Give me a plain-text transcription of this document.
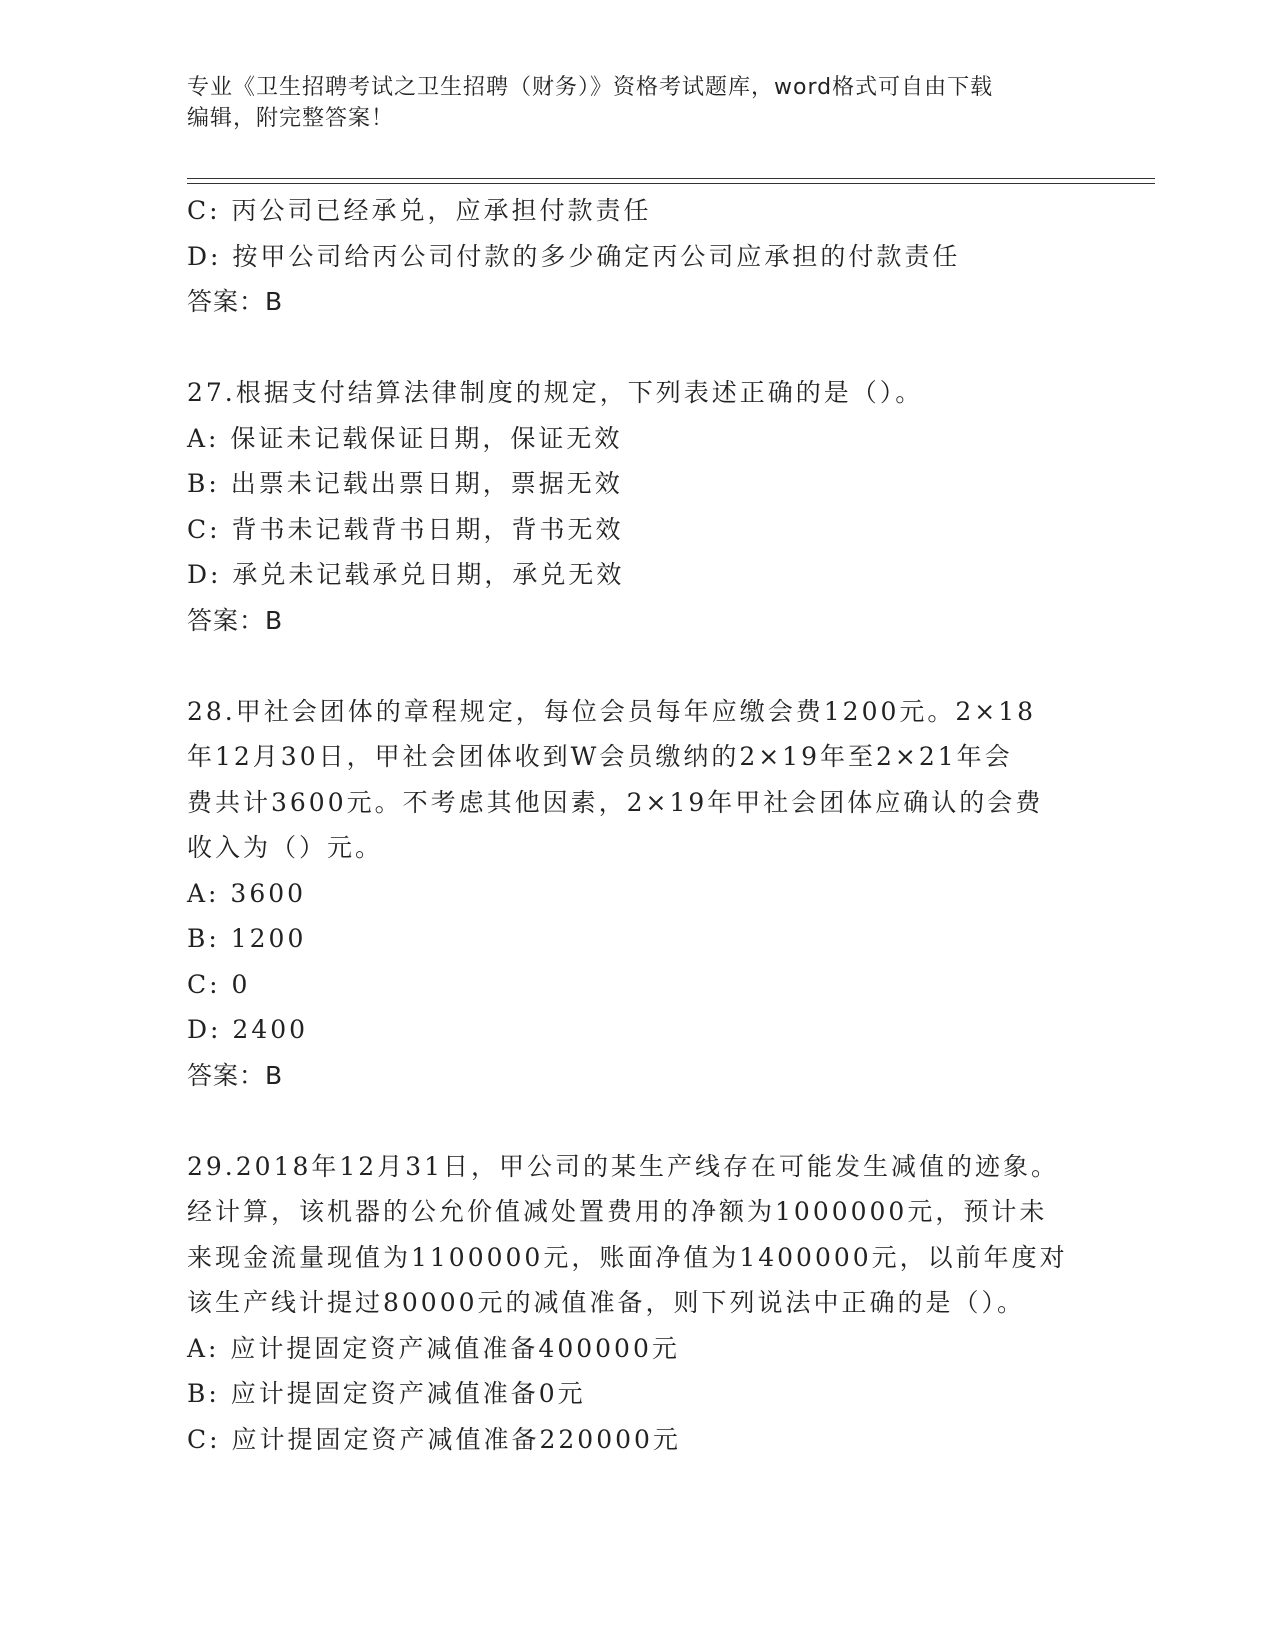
专业《卫生招聘考试之卫生招聘（财务）》资格考试题库，word格式可自由下载
编辑，附完整答案！
C: 丙公司已经承兑，应承担付款责任
D: 按甲公司给丙公司付款的多少确定丙公司应承担的付款责任
答案：B
27.根据支付结算法律制度的规定，下列表述正确的是（）。
A: 保证未记载保证日期，保证无效
B: 出票未记载出票日期，票据无效
C: 背书未记载背书日期，背书无效
D: 承兑未记载承兑日期，承兑无效
答案：B
28.甲社会团体的章程规定，每位会员每年应缴会费1200元。2×18
年12月30日，甲社会团体收到W会员缴纳的2×19年至2×21年会
费共计3600元。不考虑其他因素，2×19年甲社会团体应确认的会费
收入为（）元。
A: 3600
B: 1200
C: 0
D: 2400
答案：B
29.2018年12月31日，甲公司的某生产线存在可能发生减值的迹象。
经计算，该机器的公允价值减处置费用的净额为1000000元，预计未
来现金流量现值为1100000元，账面净值为1400000元，以前年度对
该生产线计提过80000元的减值准备，则下列说法中正确的是（）。
A: 应计提固定资产减值准备400000元
B: 应计提固定资产减值准备0元
C: 应计提固定资产减值准备220000元
